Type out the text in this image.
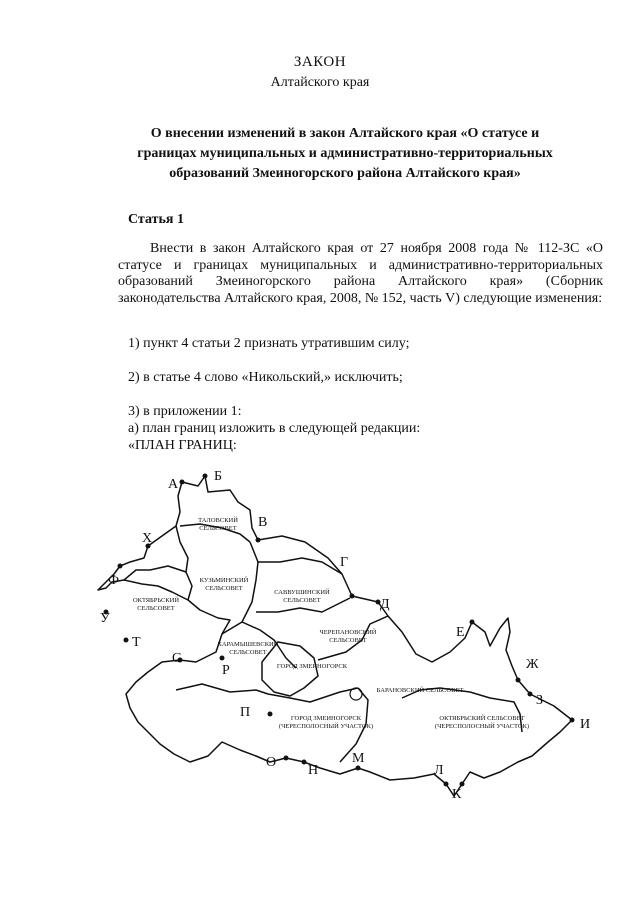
ЗАКОН
Алтайского края
О внесении изменений в закон Алтайского края «О статусе и
границах муниципальных и административно-территориальных
образований Змеиногорского района Алтайского края»
Статья 1
Внести в закон Алтайского края от 27 ноября 2008 года № 112-ЗС «О статусе и границах муниципальных и административно-территориальных образований Змеиногорского района Алтайского края» (Сборник законодательства Алтайского края, 2008, № 152, часть V) следующие изменения:
1) пункт 4 статьи 2 признать утратившим силу;
2) в статье 4 слово «Никольский,» исключить;
3) в приложении 1:
а) план границ изложить в следующей редакции:
«ПЛАН ГРАНИЦ:
А
Б
В
Г
Д
Е
Ж
З
И
К
Л
М
Н
О
П
Р
С
Т
У
Ф
Х
ТАЛОВСКИЙ СЕЛЬСОВЕТ
КУЗЬМИНСКИЙ СЕЛЬСОВЕТ
ОКТЯБРЬСКИЙ СЕЛЬСОВЕТ
САВВУШИНСКИЙ СЕЛЬСОВЕТ
ЧЕРЕПАНОВСКИЙ СЕЛЬСОВЕТ
КАРАМЫШЕВСКИЙ СЕЛЬСОВЕТ
ГОРОД ЗМЕИНОГОРСК
БАРАНОВСКИЙ СЕЛЬСОВЕТ
ГОРОД ЗМЕИНОГОРСК (ЧЕРЕСПОЛОСНЫЙ УЧАСТОК)
ОКТЯБРЬСКИЙ СЕЛЬСОВЕТ (ЧЕРЕСПОЛОСНЫЙ УЧАСТОК)
